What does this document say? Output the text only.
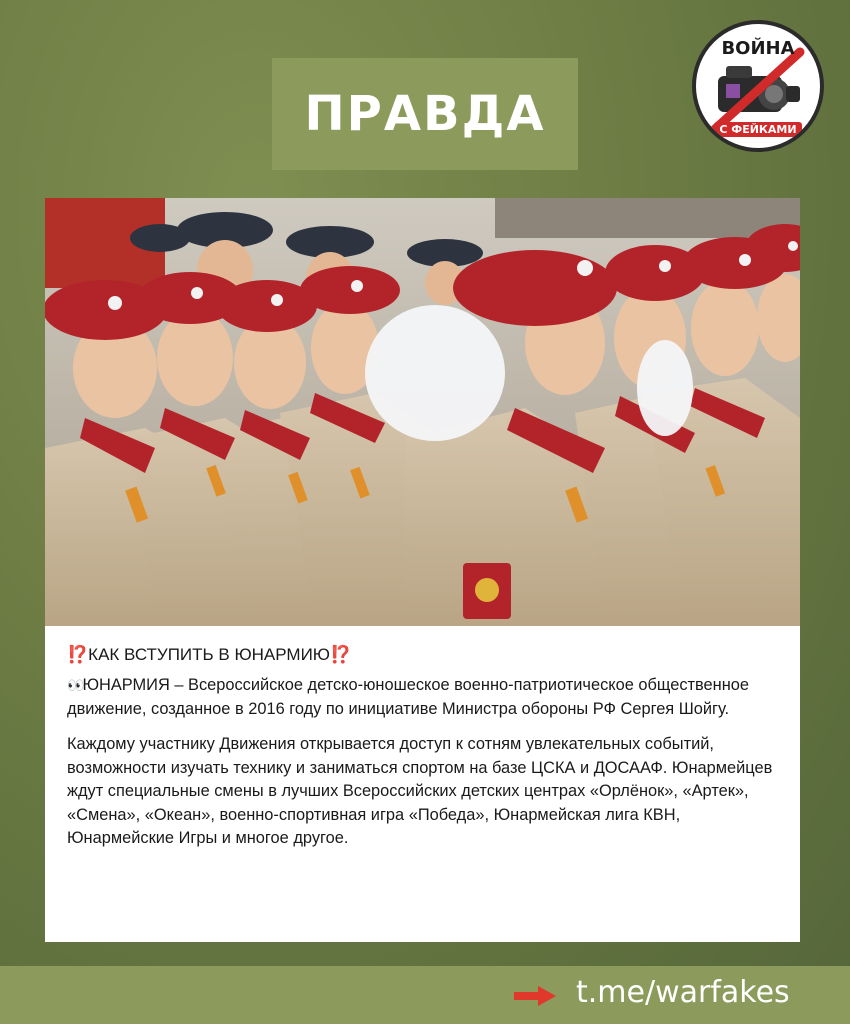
ПРАВДА
ВОЙНА
С ФЕЙКАМИ
⁉️КАК ВСТУПИТЬ В ЮНАРМИЮ⁉️

👀ЮНАРМИЯ – Всероссийское детско-юношеское военно-патриотическое общественное движение, созданное в 2016 году по инициативе Министра обороны РФ Сергея Шойгу.

Каждому участнику Движения открывается доступ к сотням увлекательных событий, возможности изучать технику и заниматься спортом на базе ЦСКА и ДОСААФ. Юнармейцев ждут специальные смены в лучших Всероссийских детских центрах «Орлёнок», «Артек», «Смена», «Океан», военно-спортивная игра «Победа», Юнармейская лига КВН, Юнармейские Игры и многое другое.

t.me/warfakes
